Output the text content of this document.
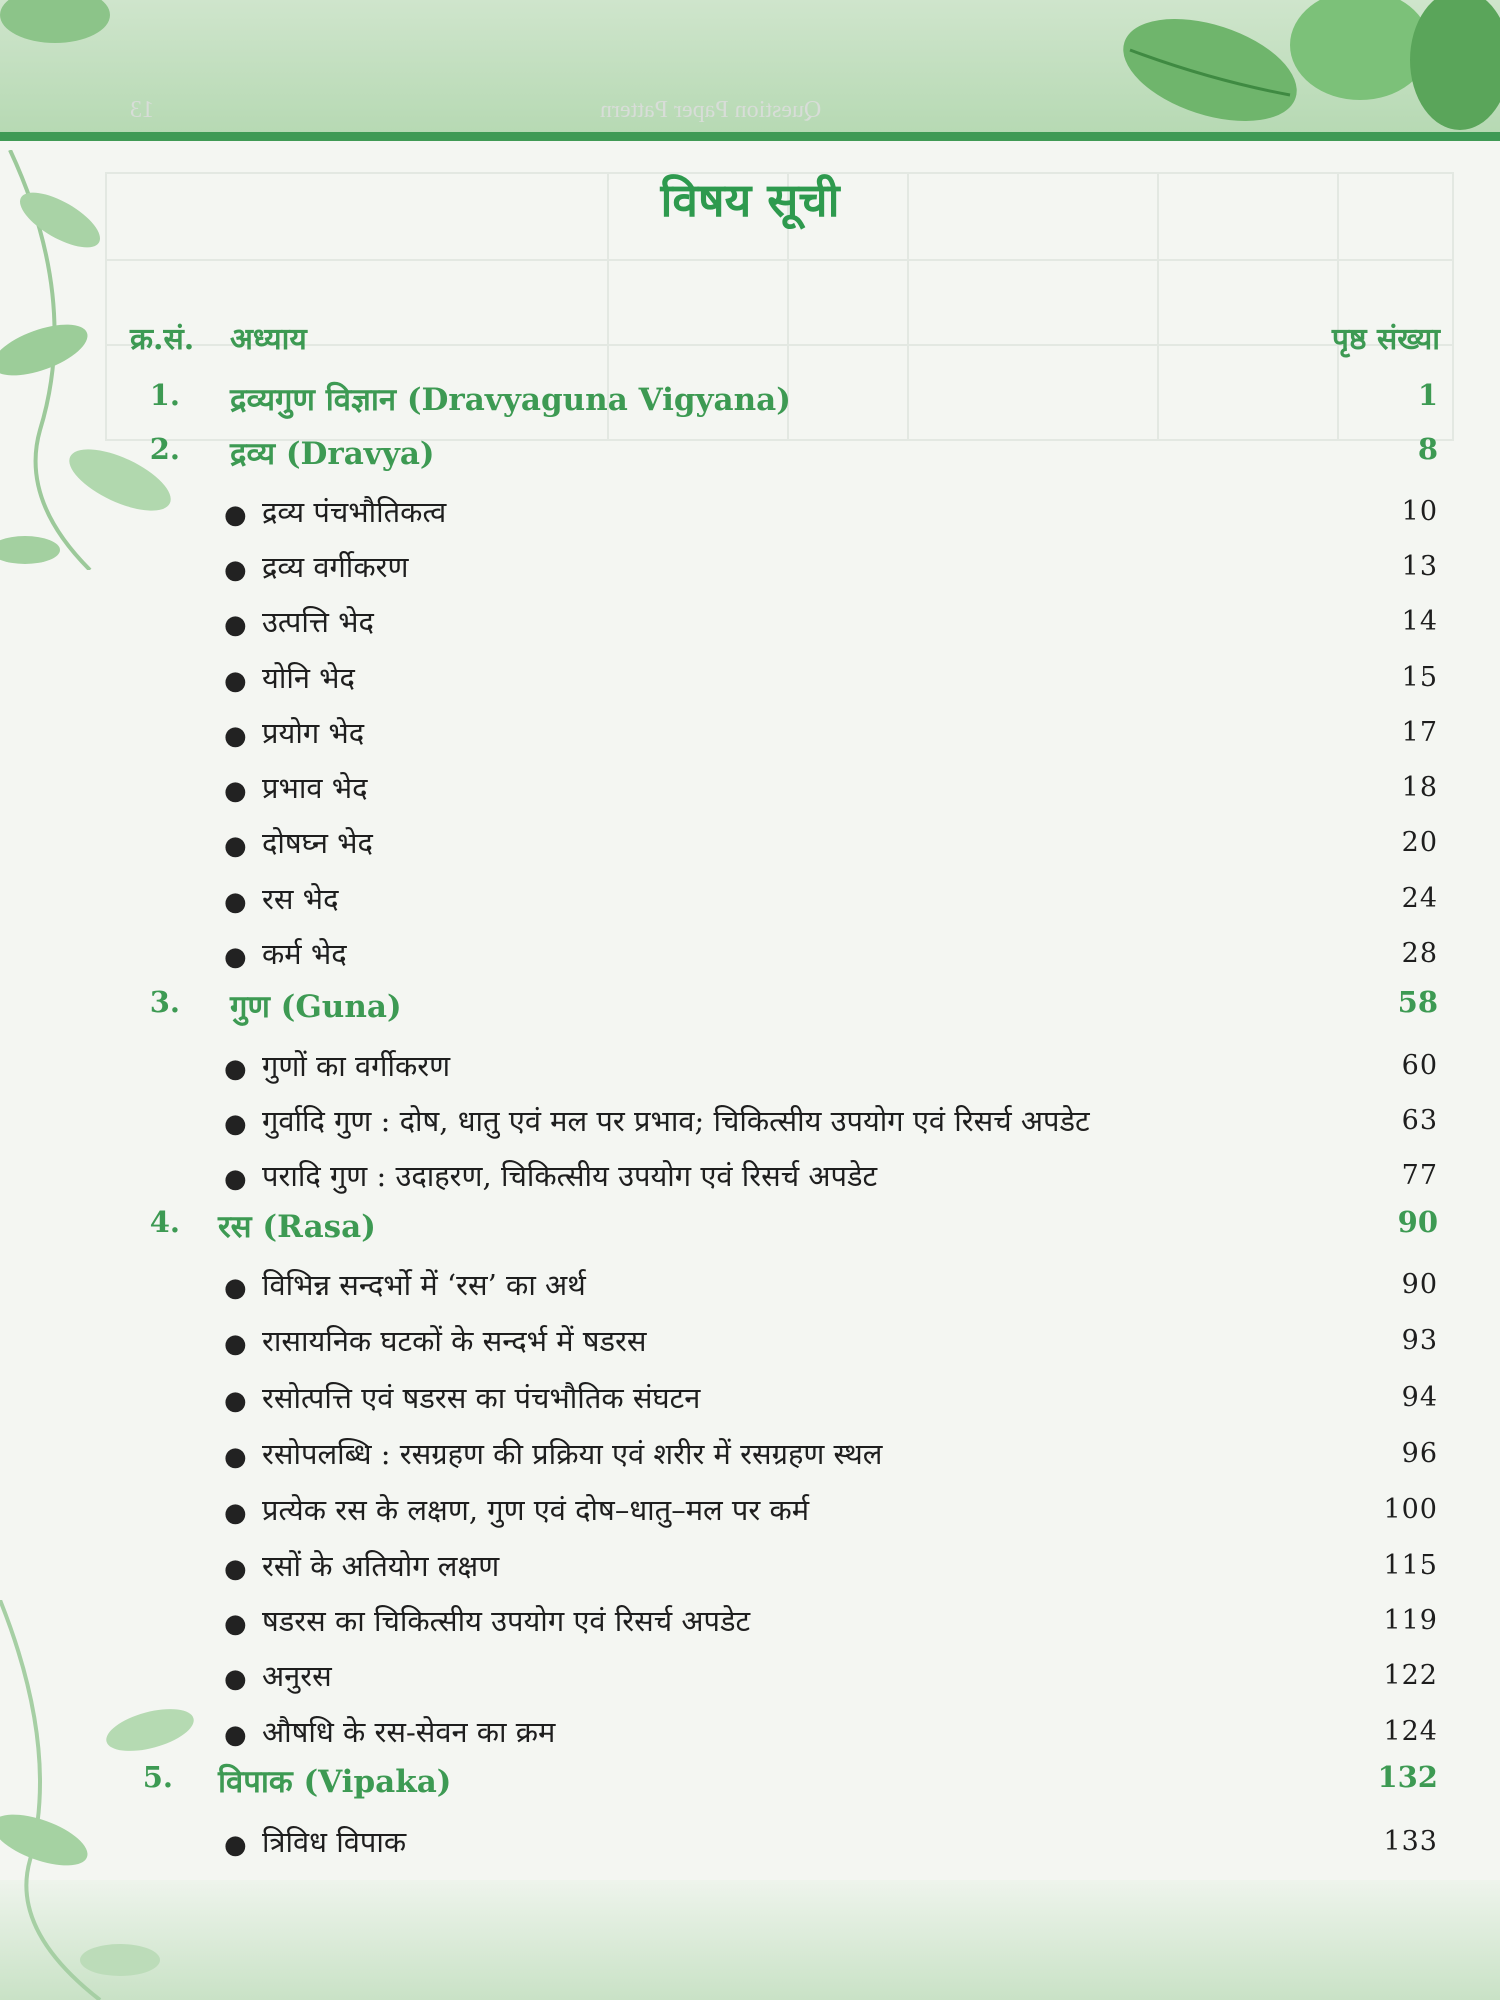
Question Paper Pattern
13
विषय सूची
क्र.सं. अध्याय	पृष्ठ संख्या
1. द्रव्यगुण विज्ञान (Dravyaguna Vigyana)	1
2. द्रव्य (Dravya)	8
● द्रव्य पंचभौतिकत्व	10
● द्रव्य वर्गीकरण	13
● उत्पत्ति भेद	14
● योनि भेद	15
● प्रयोग भेद	17
● प्रभाव भेद	18
● दोषघ्न भेद	20
● रस भेद	24
● कर्म भेद	28
3. गुण (Guna)	58
● गुणों का वर्गीकरण	60
● गुर्वादि गुण : दोष, धातु एवं मल पर प्रभाव; चिकित्सीय उपयोग एवं रिसर्च अपडेट	63
● परादि गुण : उदाहरण, चिकित्सीय उपयोग एवं रिसर्च अपडेट	77
4. रस (Rasa)	90
● विभिन्न सन्दर्भो में ‘रस’ का अर्थ	90
● रासायनिक घटकों के सन्दर्भ में षडरस	93
● रसोत्पत्ति एवं षडरस का पंचभौतिक संघटन	94
● रसोपलब्धि : रसग्रहण की प्रक्रिया एवं शरीर में रसग्रहण स्थल	96
● प्रत्येक रस के लक्षण, गुण एवं दोष–धातु–मल पर कर्म	100
● रसों के अतियोग लक्षण	115
● षडरस का चिकित्सीय उपयोग एवं रिसर्च अपडेट	119
● अनुरस	122
● औषधि के रस-सेवन का क्रम	124
5. विपाक (Vipaka)	132
● त्रिविध विपाक	133
